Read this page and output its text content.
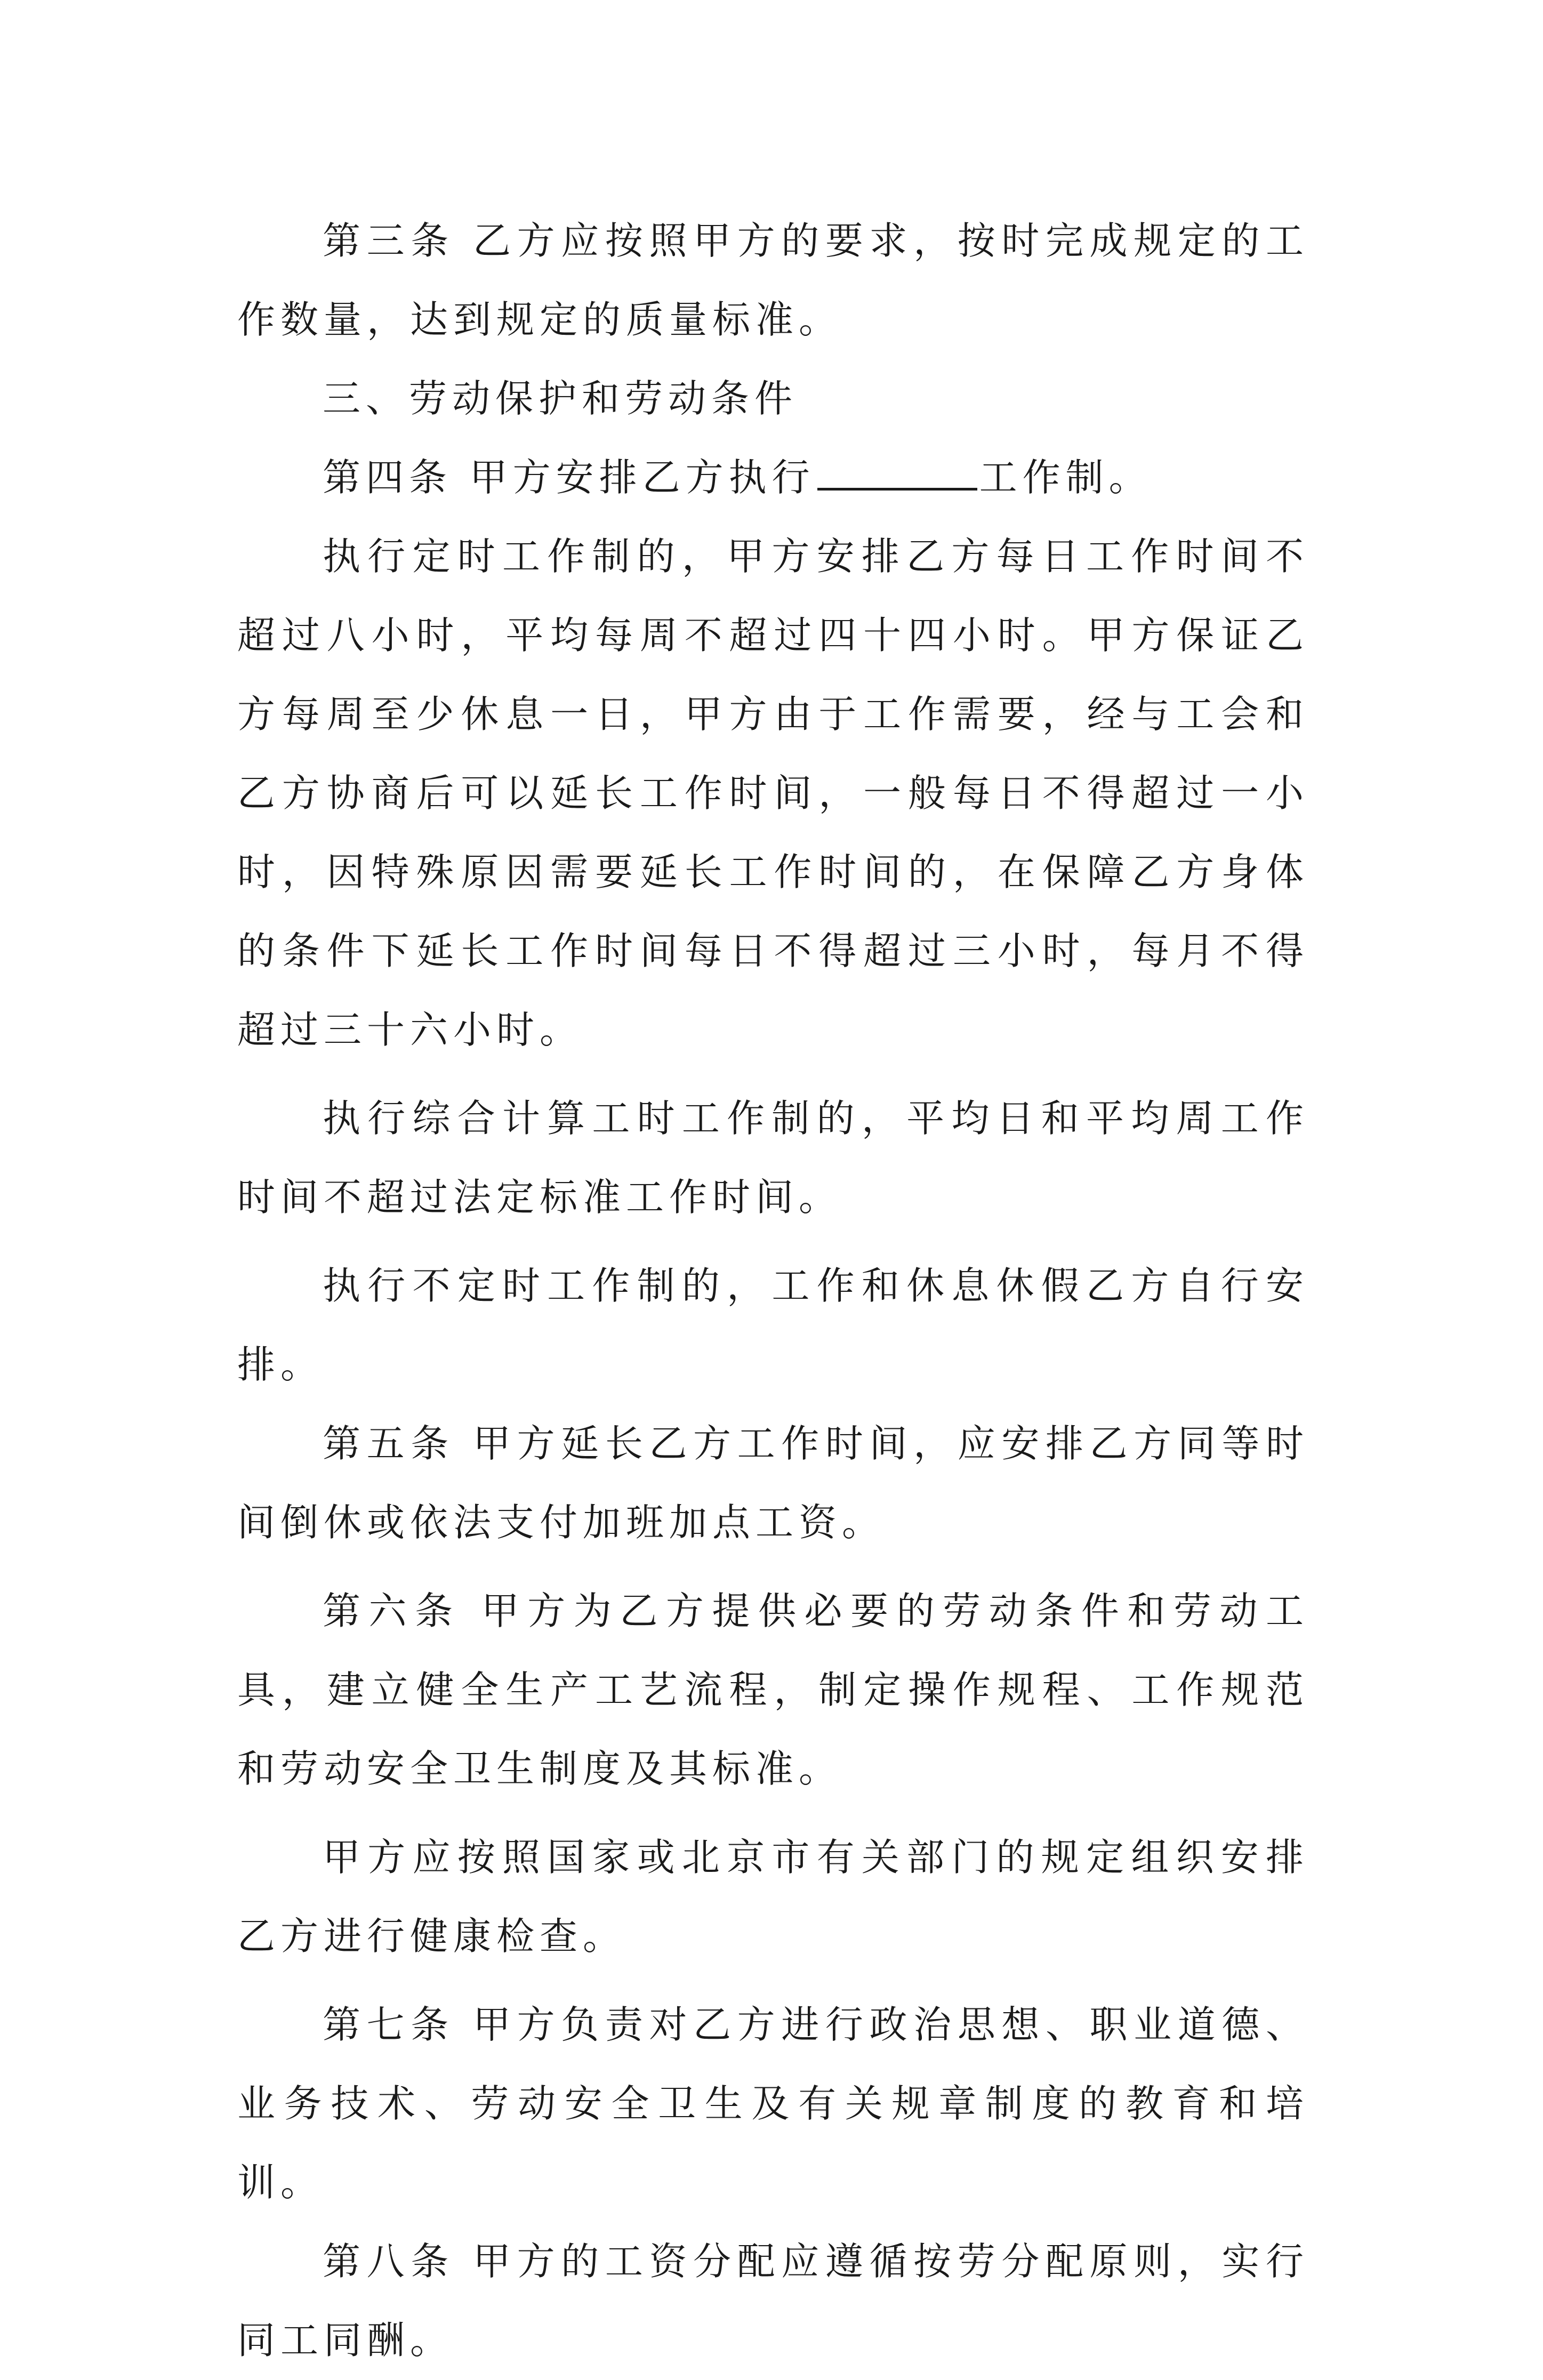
第三条 乙方应按照甲方的要求，按时完成规定的工作数量，达到规定的质量标准。

三、劳动保护和劳动条件

第四条 甲方安排乙方执行	工作制。

执行定时工作制的，甲方安排乙方每日工作时间不超过八小时，平均每周不超过四十四小时。甲方保证乙方每周至少休息一日，甲方由于工作需要，经与工会和乙方协商后可以延长工作时间，一般每日不得超过一小时，因特殊原因需要延长工作时间的，在保障乙方身体的条件下延长工作时间每日不得超过三小时，每月不得超过三十六小时。

执行综合计算工时工作制的，平均日和平均周工作时间不超过法定标准工作时间。

执行不定时工作制的，工作和休息休假乙方自行安排。

第五条 甲方延长乙方工作时间，应安排乙方同等时间倒休或依法支付加班加点工资。

第六条 甲方为乙方提供必要的劳动条件和劳动工具，建立健全生产工艺流程，制定操作规程、工作规范和劳动安全卫生制度及其标准。

甲方应按照国家或北京市有关部门的规定组织安排乙方进行健康检查。

第七条 甲方负责对乙方进行政治思想、职业道德、业务技术、劳动安全卫生及有关规章制度的教育和培训。

第八条 甲方的工资分配应遵循按劳分配原则，实行同工同酬。
